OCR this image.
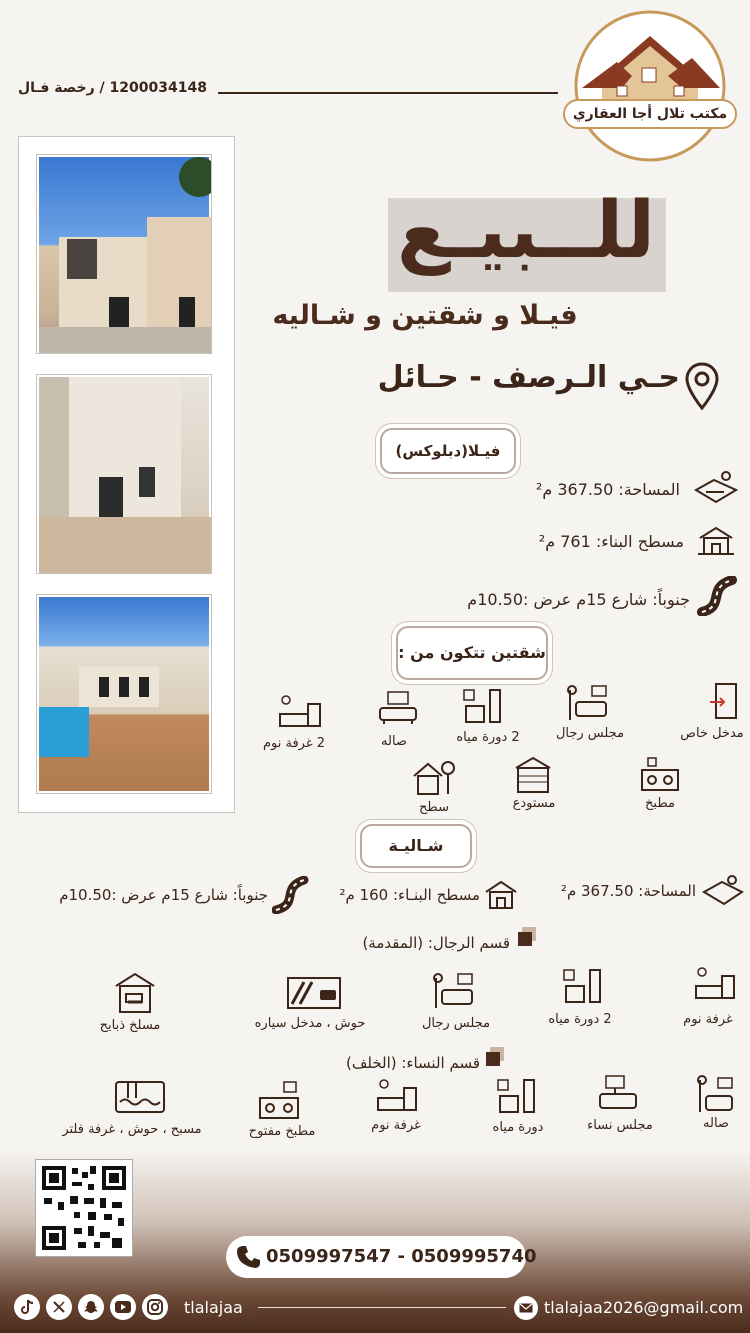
1200034148 / رخصة فـال
مكتب تلال أجا العقاري
للــبيـع
فيـلا و شقتين و شـاليه
حـي الـرصف - حـائل
فيـلا(دبلوكس)
المساحة: 367.50 م²
مسطح البناء: 761 م²
جنوباً: شارع 15م عرض :10.50م
شقتين تتكون من :
مدخل خاص
مجلس رجال
2 دورة مياه
صاله
2 غرفة نوم
مطبخ
مستودع
سطح
شـاليـة
المساحة: 367.50 م²
مسطح البنـاء: 160 م²
جنوباً: شارع 15م عرض :10.50م
قسم الرجال: (المقدمة)
غرفة نوم
2 دورة مياه
مجلس رجال
حوش ، مدخل سياره
مسلخ ذبايح
قسم النساء: (الخلف)
صاله
مجلس نساء
دورة مياه
غرفة نوم
مطبخ مفتوح
مسبح ، حوش ، غرفة فلتر
0509997547 - 0509995740
tlalajaa	tlalajaa2026@gmail.com
